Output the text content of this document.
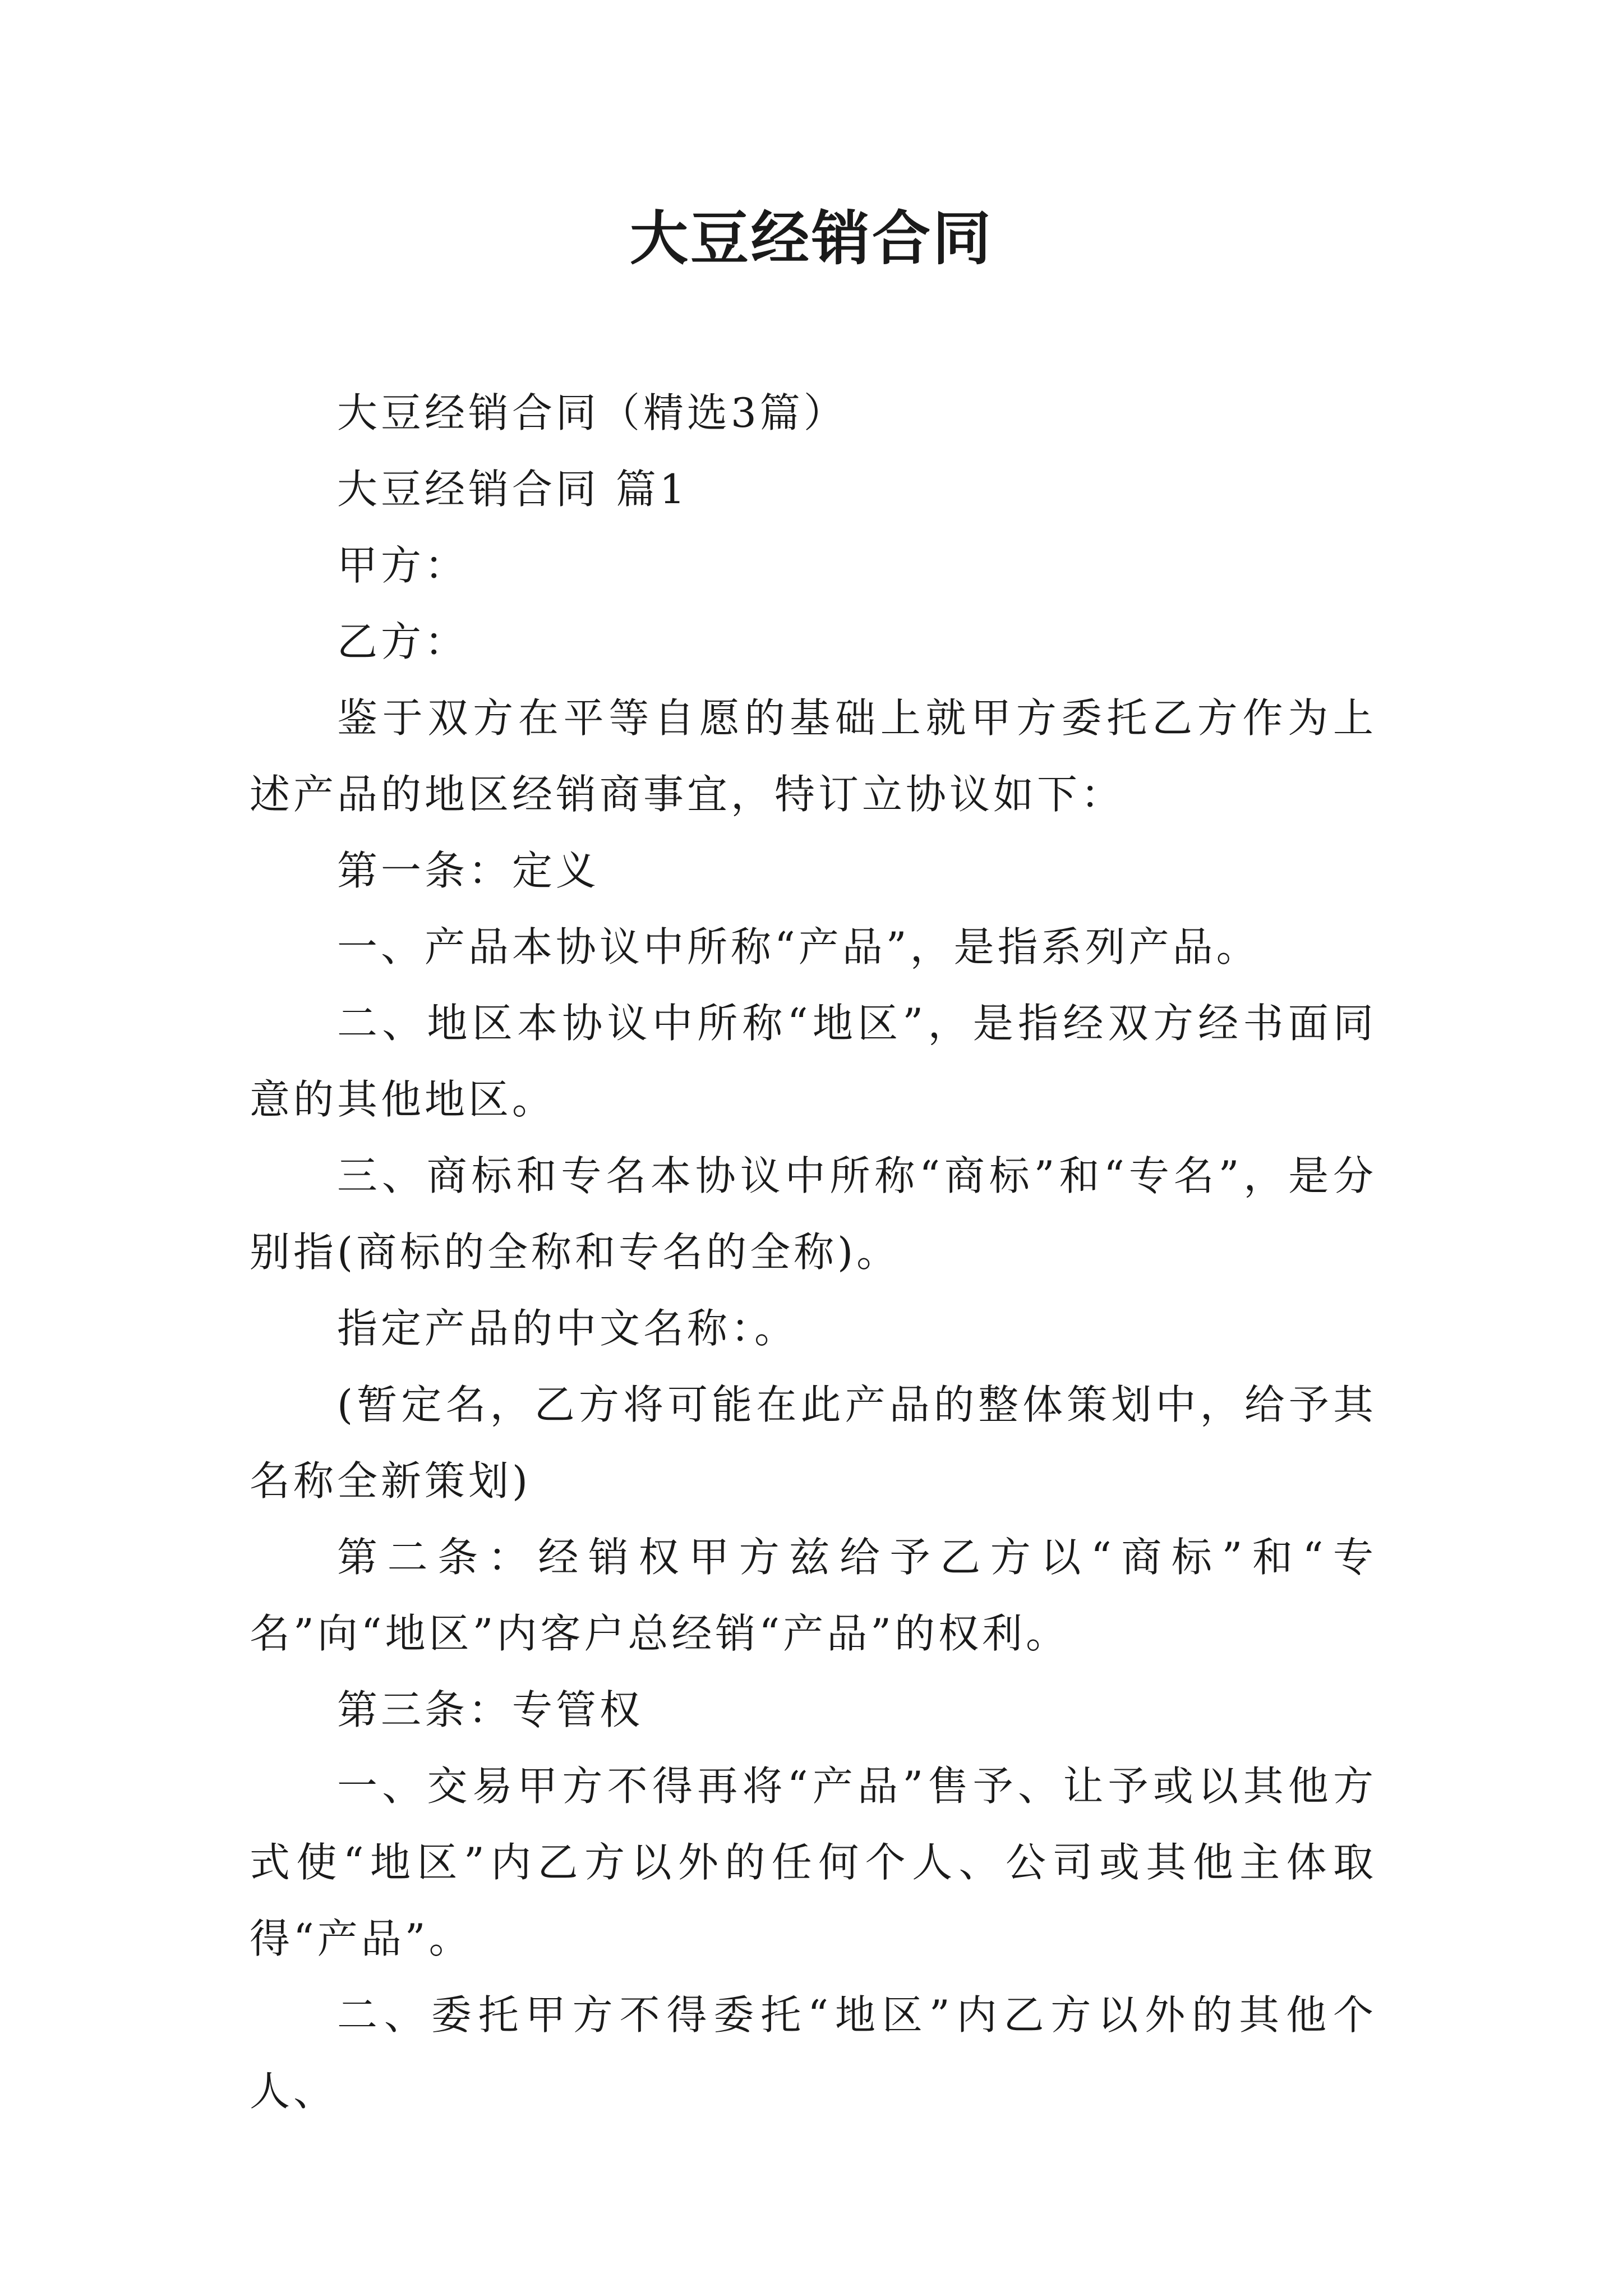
大豆经销合同

大豆经销合同（精选3篇）

大豆经销合同 篇1

甲方：

乙方：

鉴于双方在平等自愿的基础上就甲方委托乙方作为上述产品的地区经销商事宜，特订立协议如下：

第一条：定义

一、产品本协议中所称“产品”，是指系列产品。

二、地区本协议中所称“地区”，是指经双方经书面同意的其他地区。

三、商标和专名本协议中所称“商标”和“专名”，是分别指(商标的全称和专名的全称)。

指定产品的中文名称：。

(暂定名，乙方将可能在此产品的整体策划中，给予其名称全新策划)

第二条：经销权甲方兹给予乙方以“商标”和“专名”向“地区”内客户总经销“产品”的权利。

第三条：专管权

一、交易甲方不得再将“产品”售予、让予或以其他方式使“地区”内乙方以外的任何个人、公司或其他主体取得“产品”。

二、委托甲方不得委托“地区”内乙方以外的其他个人、
